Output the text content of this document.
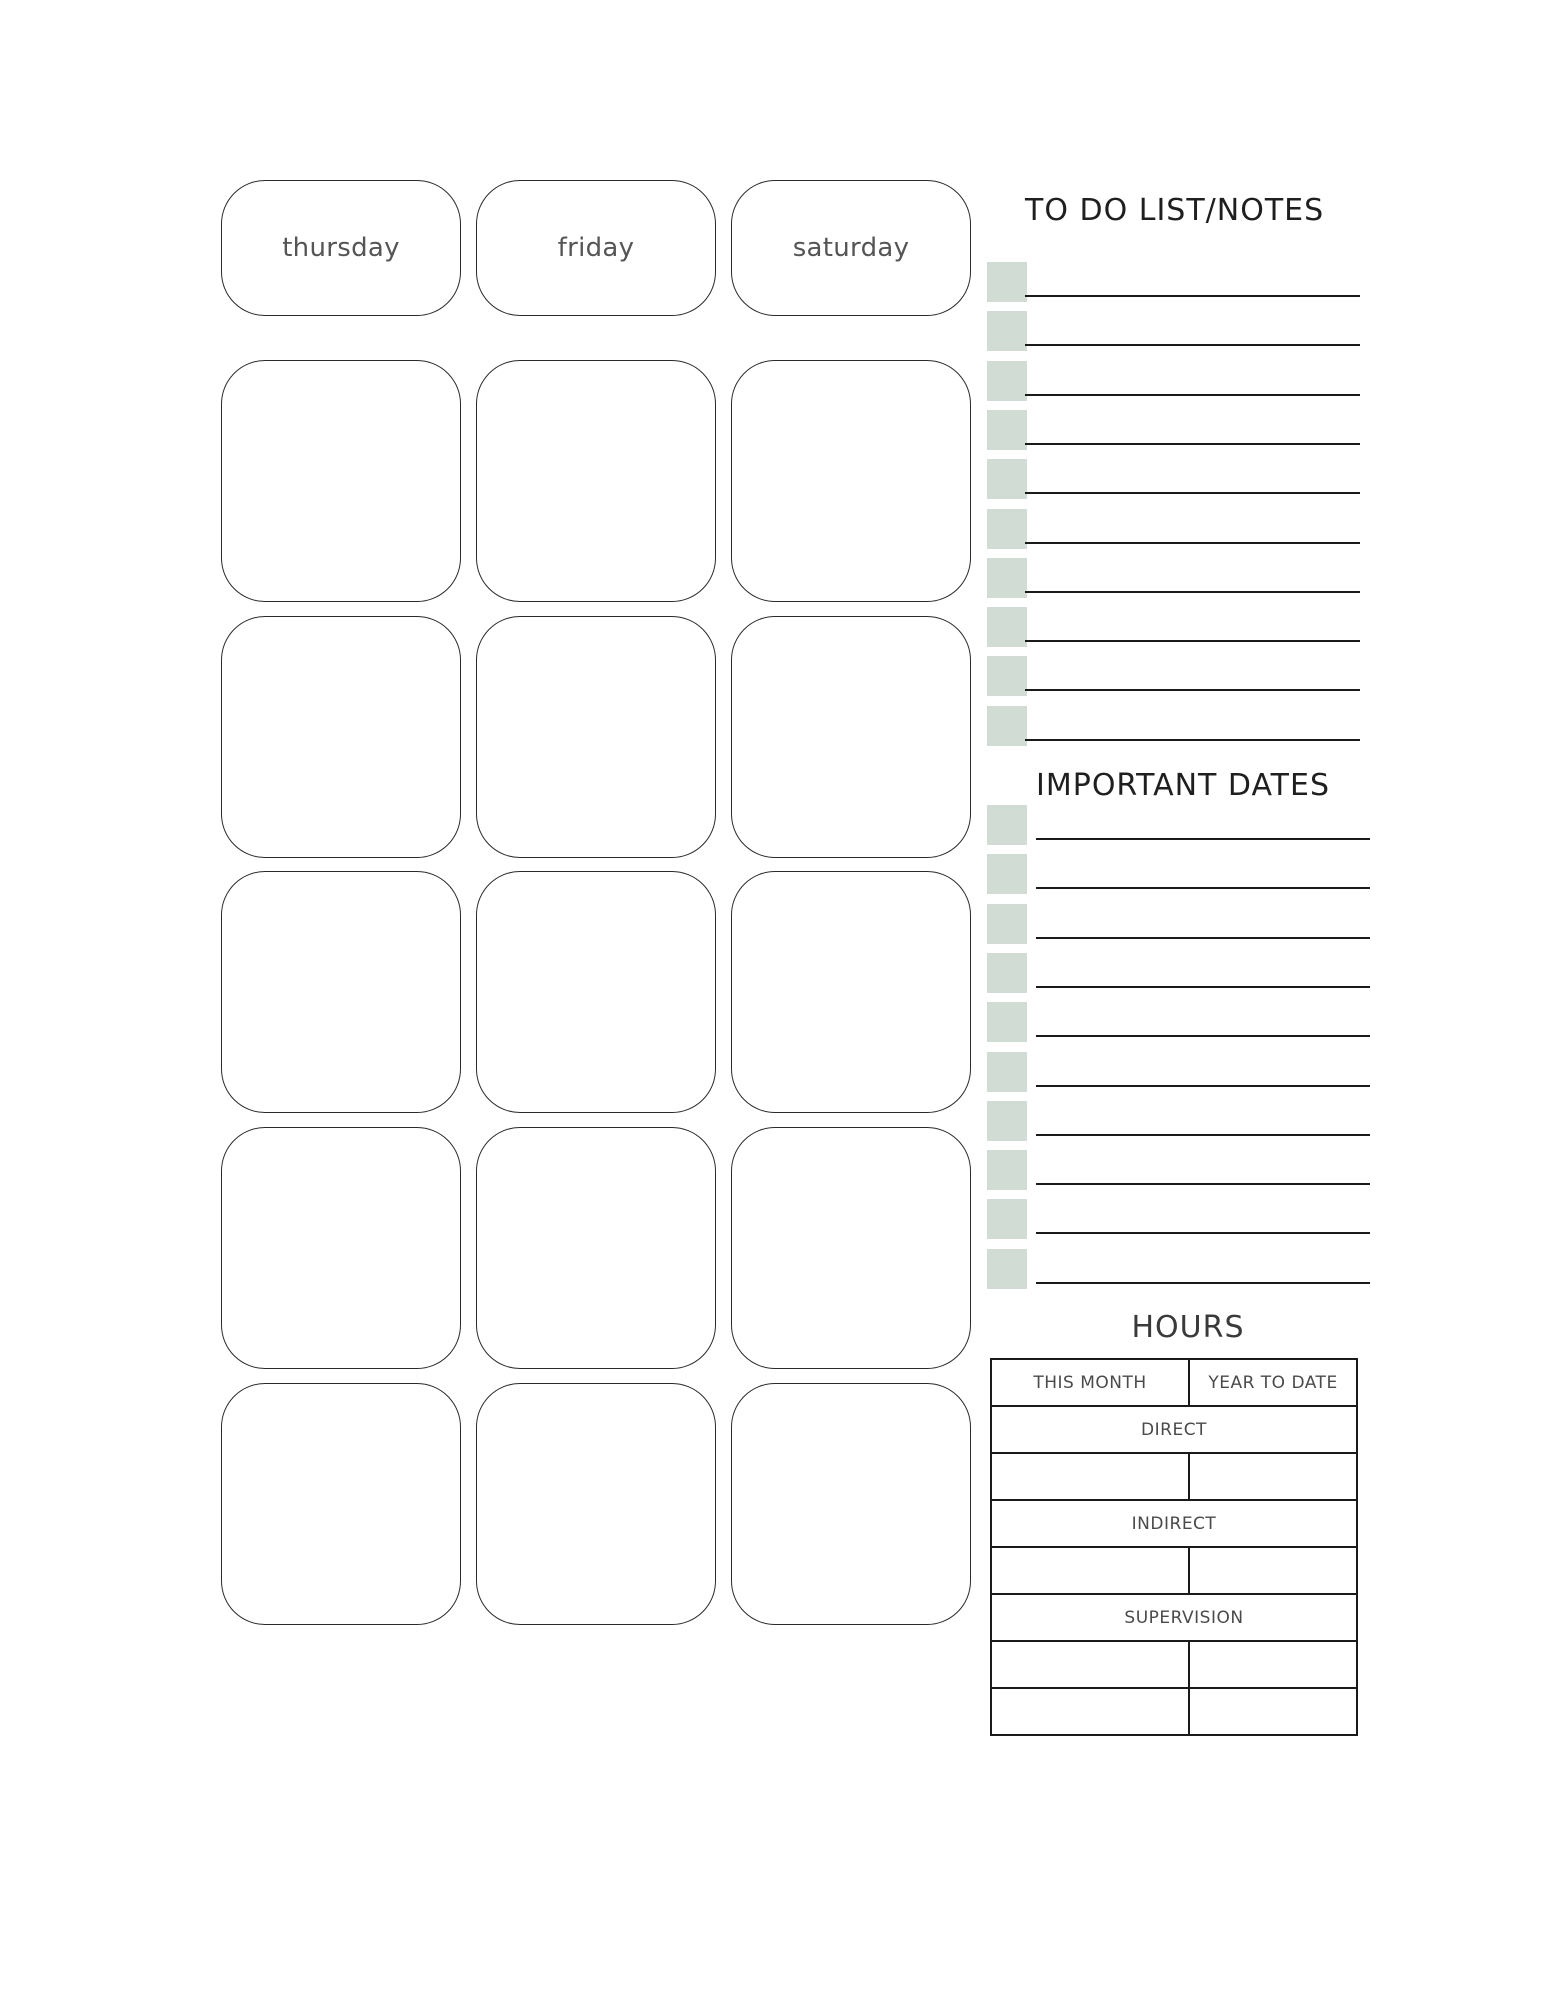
thursday	friday	saturday
TO DO LIST/NOTES
IMPORTANT DATES
HOURS
THIS MONTH	YEAR TO DATE
DIRECT	

INDIRECT	

SUPERVISION	
